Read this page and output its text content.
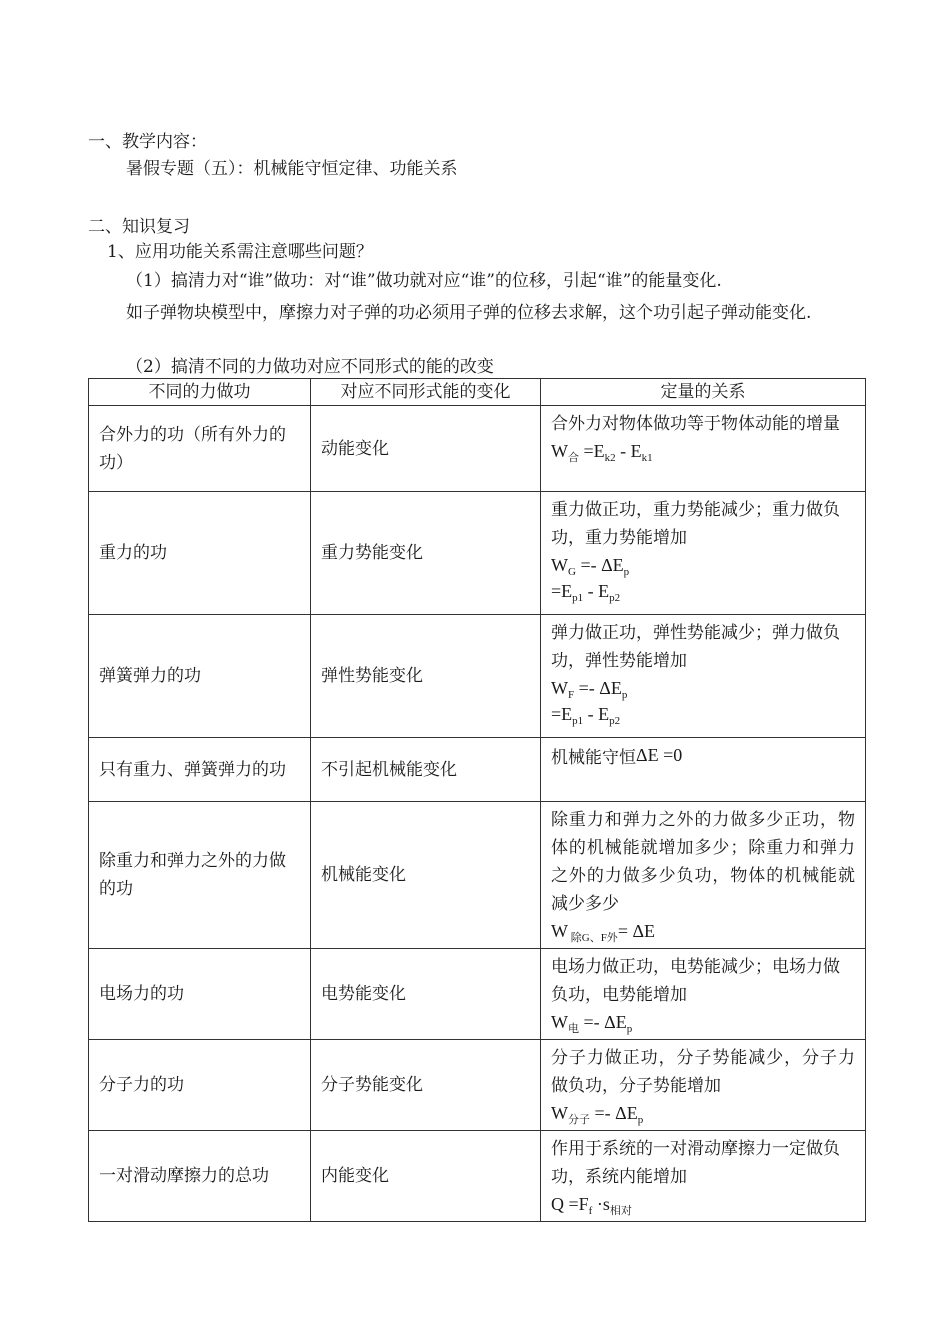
一、教学内容：
暑假专题（五）：机械能守恒定律、功能关系
二、知识复习
1、应用功能关系需注意哪些问题？
（1）搞清力对“谁”做功：对“谁”做功就对应“谁”的位移，引起“谁”的能量变化.
如子弹物块模型中，摩擦力对子弹的功必须用子弹的位移去求解，这个功引起子弹动能变化.
（2）搞清不同的力做功对应不同形式的能的改变
不同的力做功	对应不同形式能的变化	定量的关系
合外力的功（所有外力的功）	动能变化	合外力对物体做功等于物体动能的增量
$W_合 =E_{k2} - E_{k1}$

重力的功	重力势能变化	重力做正功，重力势能减少；重力做负功，重力势能增加
$W_G =- \Delta E_p$
$=E_{p1} - E_{p2}$

弹簧弹力的功	弹性势能变化	弹力做正功，弹性势能减少；弹力做负功，弹性势能增加
$W_F =- \Delta E_p$
$=E_{p1} - E_{p2}$

只有重力、弹簧弹力的功	不引起机械能变化	机械能守恒ΔE =0
除重力和弹力之外的力做的功	机械能变化	除重力和弹力之外的力做多少正功，物体的机械能就增加多少；除重力和弹力之外的力做多少负功，物体的机械能就减少多少
W $_{除G、F外}$= ΔE

电场力的功	电势能变化	电场力做正功，电势能减少；电场力做负功，电势能增加
$W_电 =- \Delta E_p$

分子力的功	分子势能变化	分子力做正功，分子势能减少，分子力做负功，分子势能增加
$W_{分子} =- \Delta E_p$

一对滑动摩擦力的总功	内能变化	作用于系统的一对滑动摩擦力一定做负功，系统内能增加
$Q =F_f \cdot s_{相对}$
